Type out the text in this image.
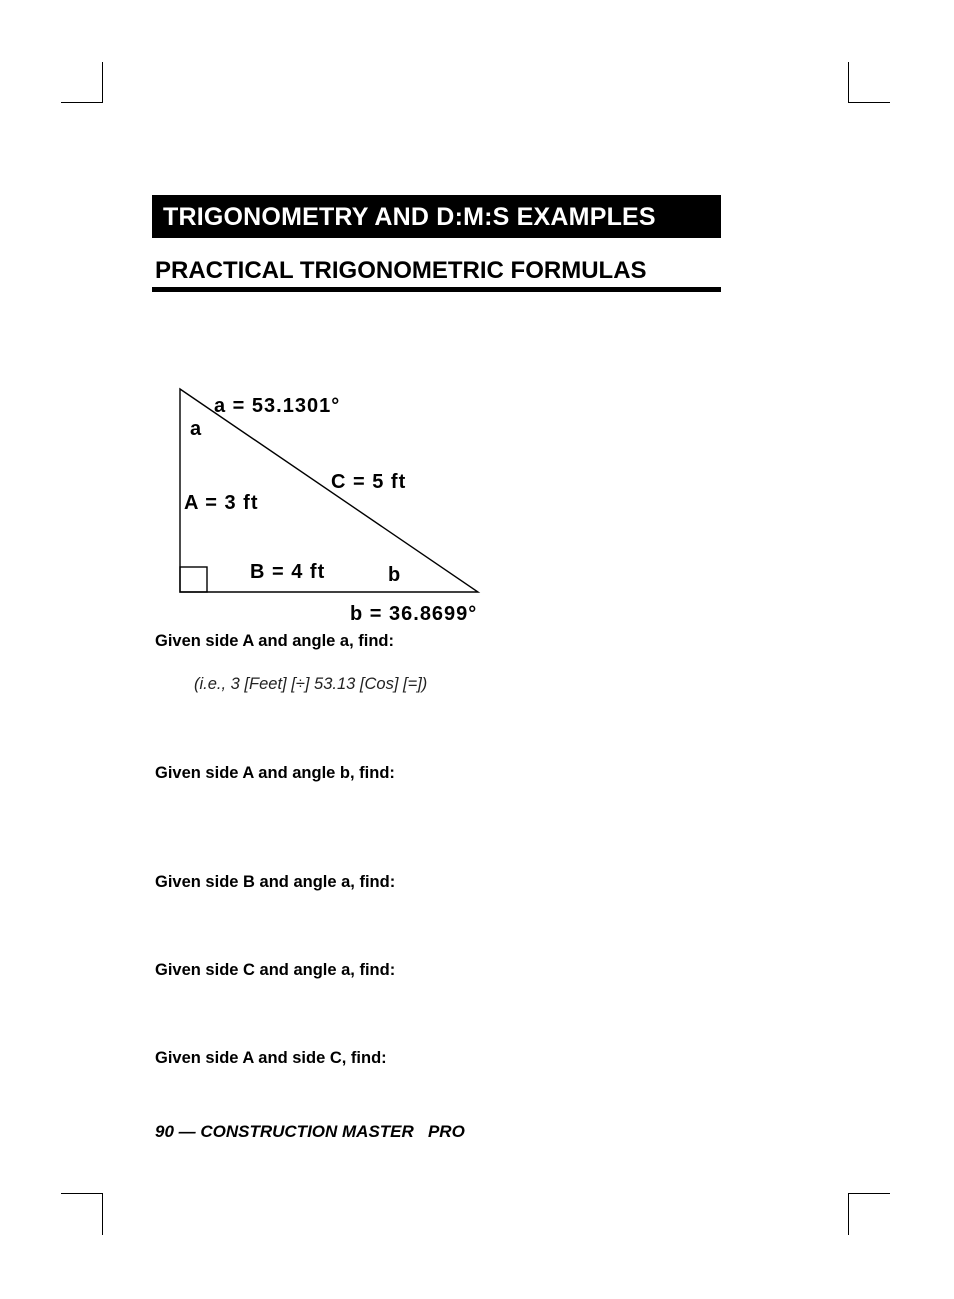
TRIGONOMETRY AND D:M:S EXAMPLES
PRACTICAL TRIGONOMETRIC FORMULAS
a = 53.1301°
a
C = 5 ft
A = 3 ft
B = 4 ft	b
b = 36.8699°
Given side A and angle a, find:
(i.e., 3 [Feet] [÷] 53.13 [Cos] [=])
Given side A and angle b, find:
Given side B and angle a, find:
Given side C and angle a, find:
Given side A and side C, find:
90 — CONSTRUCTION MASTER   PRO
